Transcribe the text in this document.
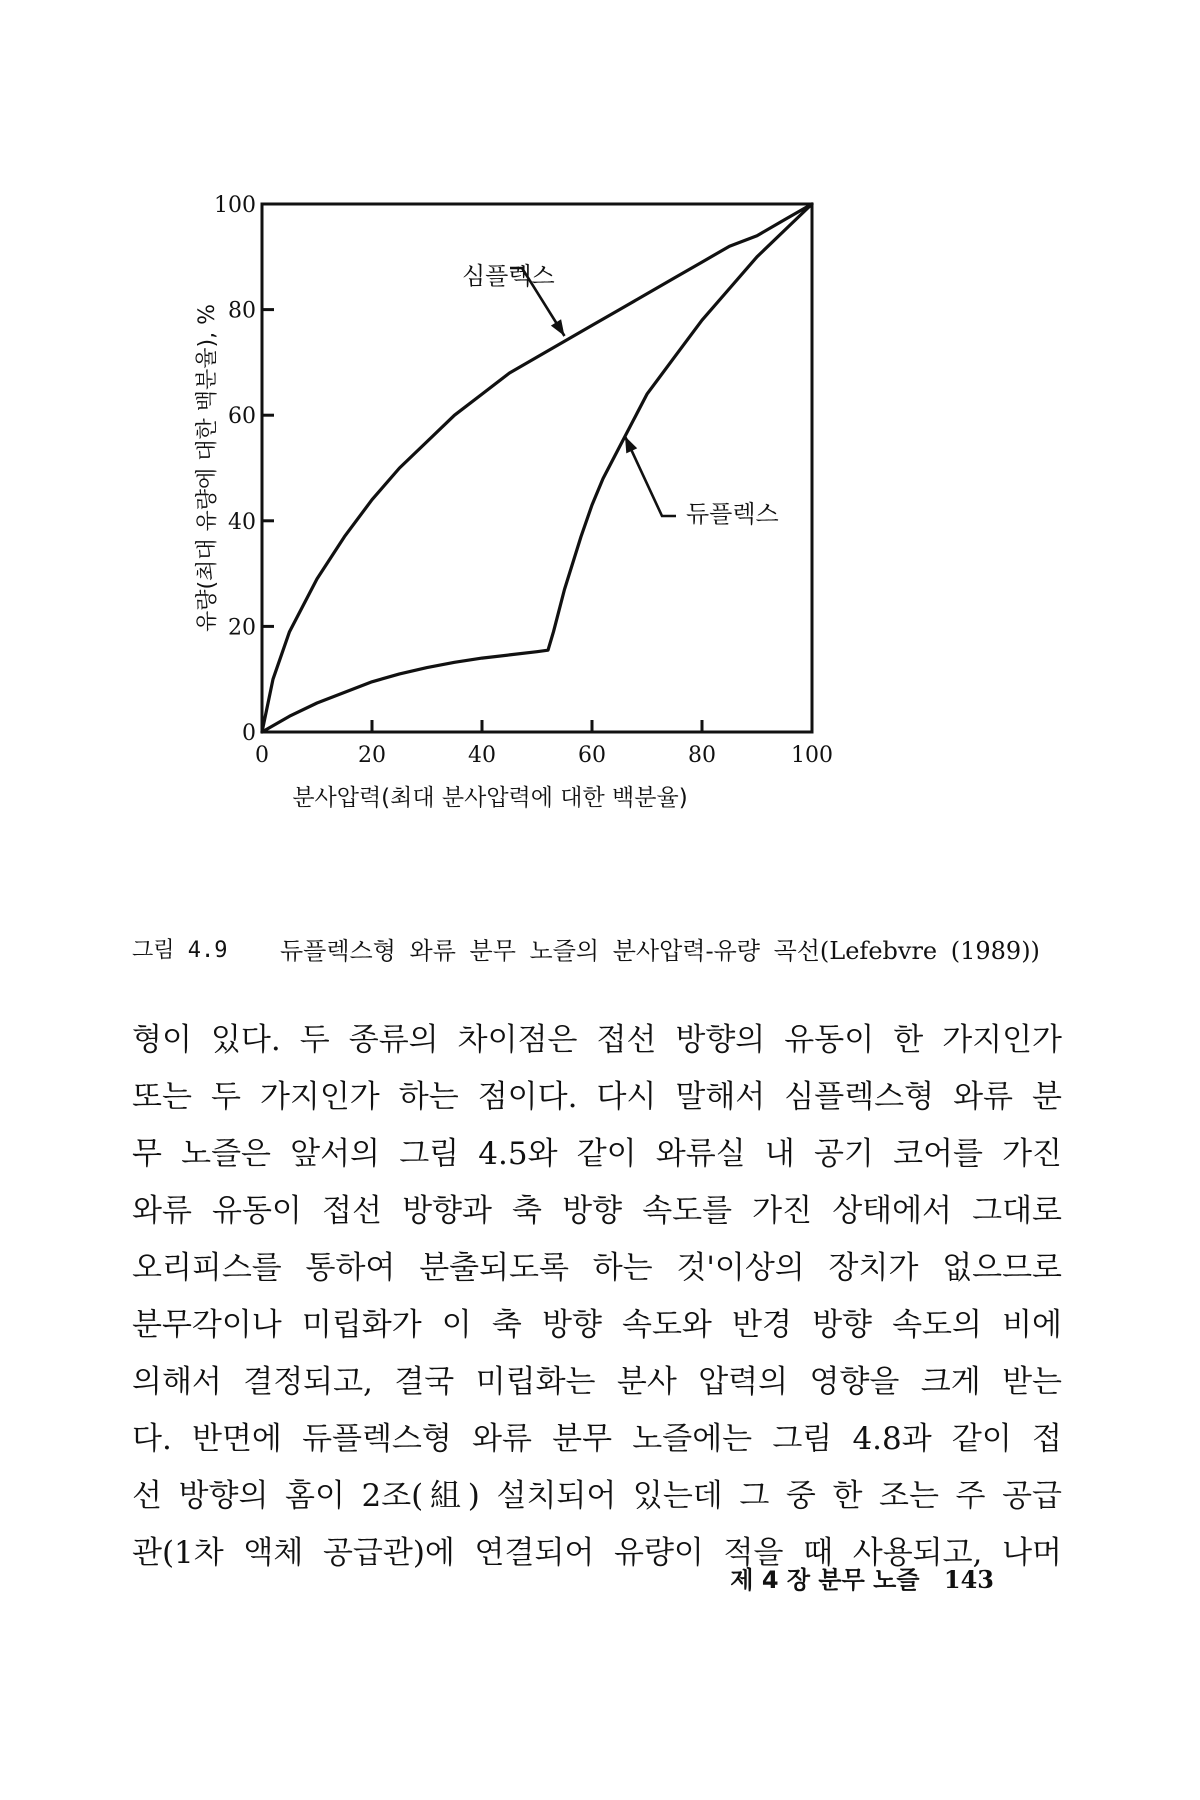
0
20
40
60
80
100
0	20	40	60	80	100
심플렉스
듀플렉스
유량(최대 유량에 대한 백분율), %
분사압력(최대 분사압력에 대한 백분율)
그림 4.9 듀플렉스형 와류 분무 노즐의 분사압력-유량 곡선(Lefebvre (1989))
형이 있다. 두 종류의 차이점은 접선 방향의 유동이 한 가지인가
또는 두 가지인가 하는 점이다. 다시 말해서 심플렉스형 와류 분
무 노즐은 앞서의 그림 4.5와 같이 와류실 내 공기 코어를 가진
와류 유동이 접선 방향과 축 방향 속도를 가진 상태에서 그대로
오리피스를 통하여 분출되도록 하는 것'이상의 장치가 없으므로
분무각이나 미립화가 이 축 방향 속도와 반경 방향 속도의 비에
의해서 결정되고, 결국 미립화는 분사 압력의 영향을 크게 받는
다. 반면에 듀플렉스형 와류 분무 노즐에는 그림 4.8과 같이 접
선 방향의 홈이 2조(組) 설치되어 있는데 그 중 한 조는 주 공급
관(1차 액체 공급관)에 연결되어 유량이 적을 때 사용되고, 나머
제 4 장 분무 노즐 143
